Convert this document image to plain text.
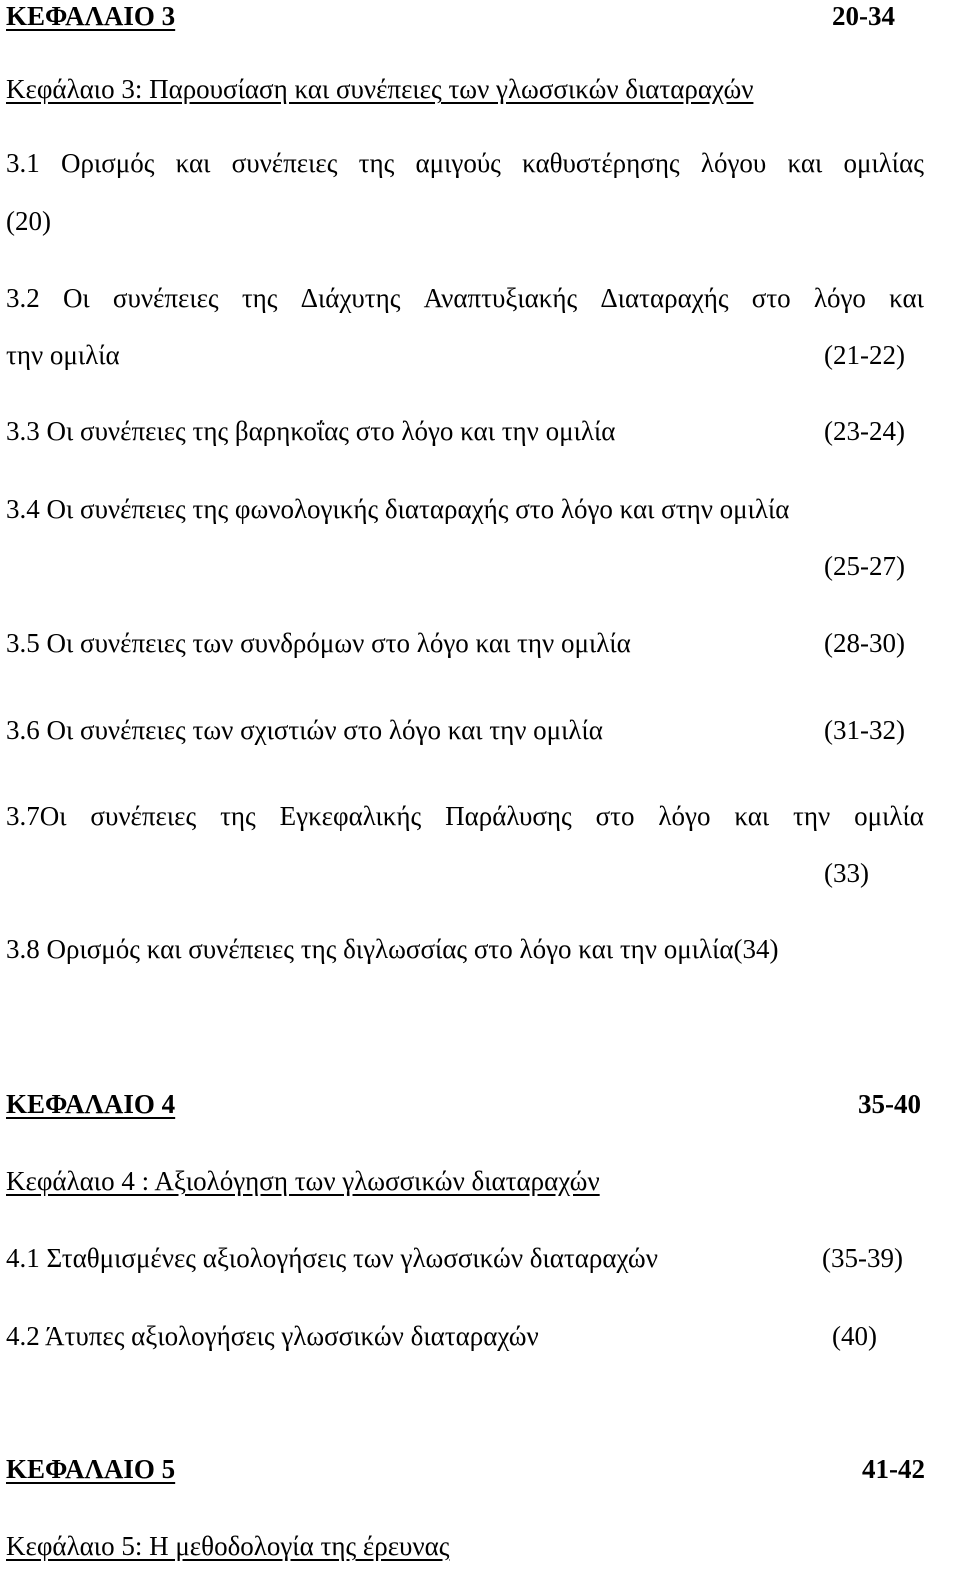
ΚΕΦΑΛΑΙΟ 3	20-34
Κεφάλαιο 3: Παρουσίαση και συνέπειες των γλωσσικών διαταραχών
3.1 Ορισμός και συνέπειες της αμιγούς καθυστέρησης λόγου και ομιλίας
(20)
3.2 Οι συνέπειες της Διάχυτης Αναπτυξιακής Διαταραχής στο λόγο και
την ομιλία	(21-22)
3.3 Οι συνέπειες της βαρηκοΐας στο λόγο και την ομιλία	(23-24)
3.4 Οι συνέπειες της φωνολογικής διαταραχής στο λόγο και στην ομιλία
(25-27)
3.5 Οι συνέπειες των συνδρόμων στο λόγο και την ομιλία	(28-30)
3.6 Οι συνέπειες των σχιστιών στο λόγο και την ομιλία	(31-32)
3.7Οι συνέπειες της Εγκεφαλικής Παράλυσης στο λόγο και την ομιλία
(33)
3.8 Ορισμός και συνέπειες της διγλωσσίας στο λόγο και την ομιλία(34)
ΚΕΦΑΛΑΙΟ 4	35-40
Κεφάλαιο 4 : Αξιολόγηση των γλωσσικών διαταραχών
4.1 Σταθμισμένες αξιολογήσεις των γλωσσικών διαταραχών	(35-39)
4.2 Άτυπες αξιολογήσεις γλωσσικών διαταραχών	(40)
ΚΕΦΑΛΑΙΟ 5	41-42
Κεφάλαιο 5: Η μεθοδολογία της έρευνας
